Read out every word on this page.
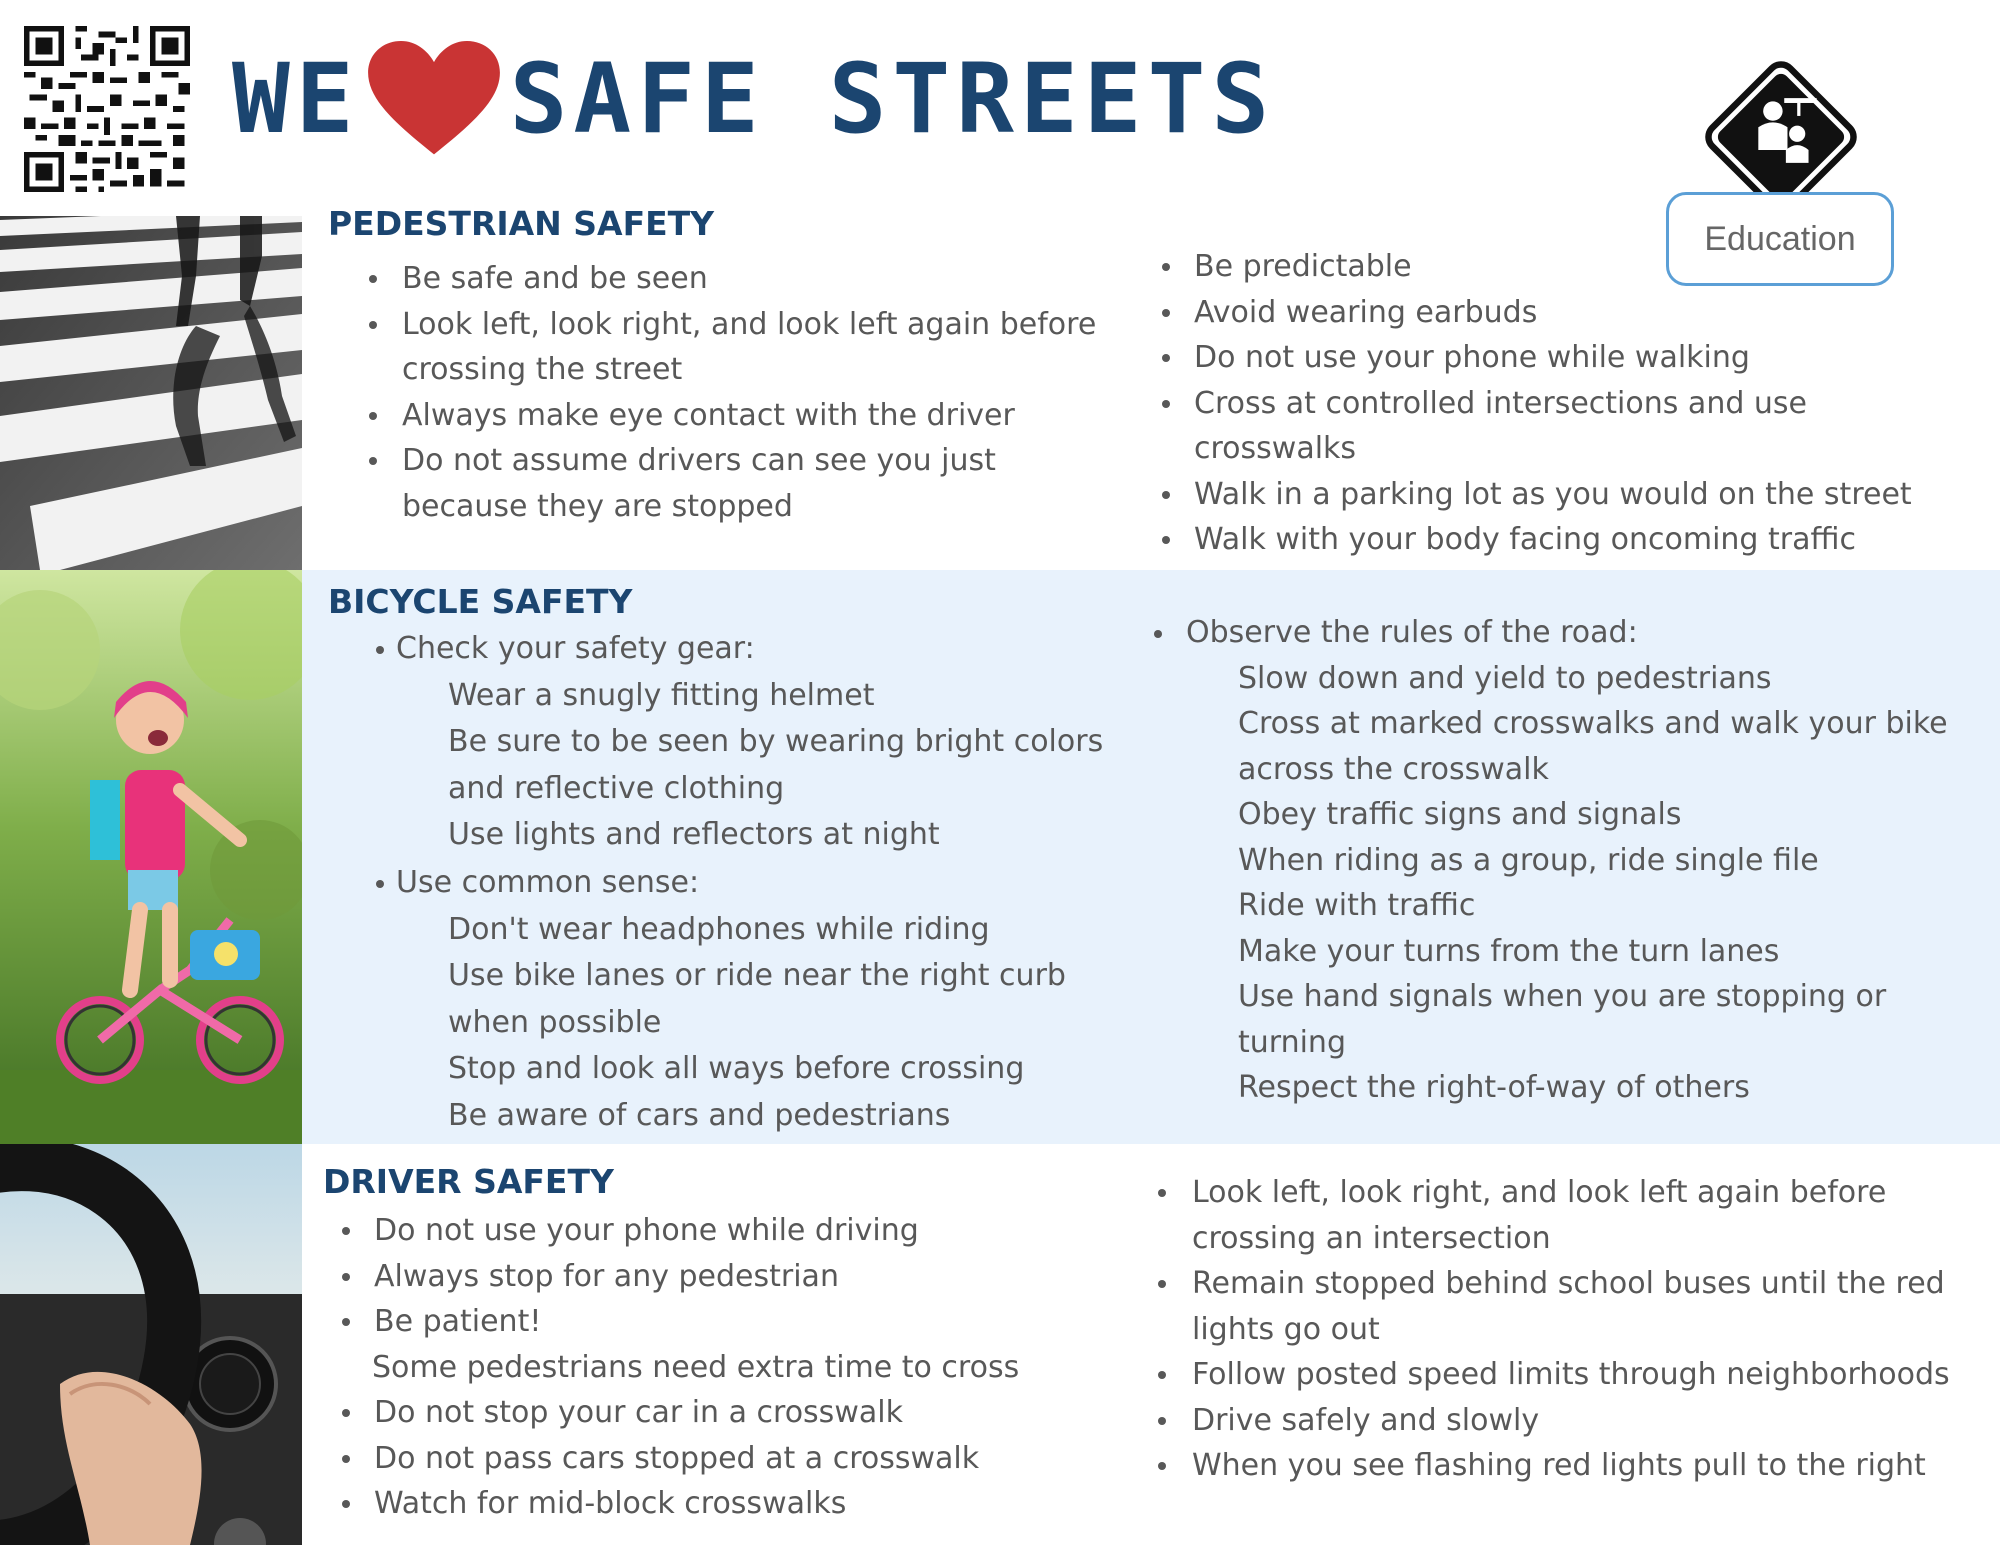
WE SAFE STREETS
Education
PEDESTRIAN SAFETY
Be safe and be seen
Look left, look right, and look left again before crossing the street
Always make eye contact with the driver
Do not assume drivers can see you just because they are stopped
Be predictable
Avoid wearing earbuds
Do not use your phone while walking
Cross at controlled intersections and use crosswalks
Walk in a parking lot as you would on the street
Walk with your body facing oncoming traffic
BICYCLE SAFETY
Check your safety gear:
Wear a snugly fitting helmet
Be sure to be seen by wearing bright colors and reflective clothing
Use lights and reflectors at night
Use common sense:
Don't wear headphones while riding
Use bike lanes or ride near the right curb when possible
Stop and look all ways before crossing
Be aware of cars and pedestrians
Observe the rules of the road:
Slow down and yield to pedestrians
Cross at marked crosswalks and walk your bike across the crosswalk
Obey traffic signs and signals
When riding as a group, ride single file
Ride with traffic
Make your turns from the turn lanes
Use hand signals when you are stopping or turning
Respect the right-of-way of others
DRIVER SAFETY
Do not use your phone while driving
Always stop for any pedestrian
Be patient!
Some pedestrians need extra time to cross
Do not stop your car in a crosswalk
Do not pass cars stopped at a crosswalk
Watch for mid-block crosswalks
Look left, look right, and look left again before crossing an intersection
Remain stopped behind school buses until the red lights go out
Follow posted speed limits through neighborhoods
Drive safely and slowly
When you see flashing red lights pull to the right
